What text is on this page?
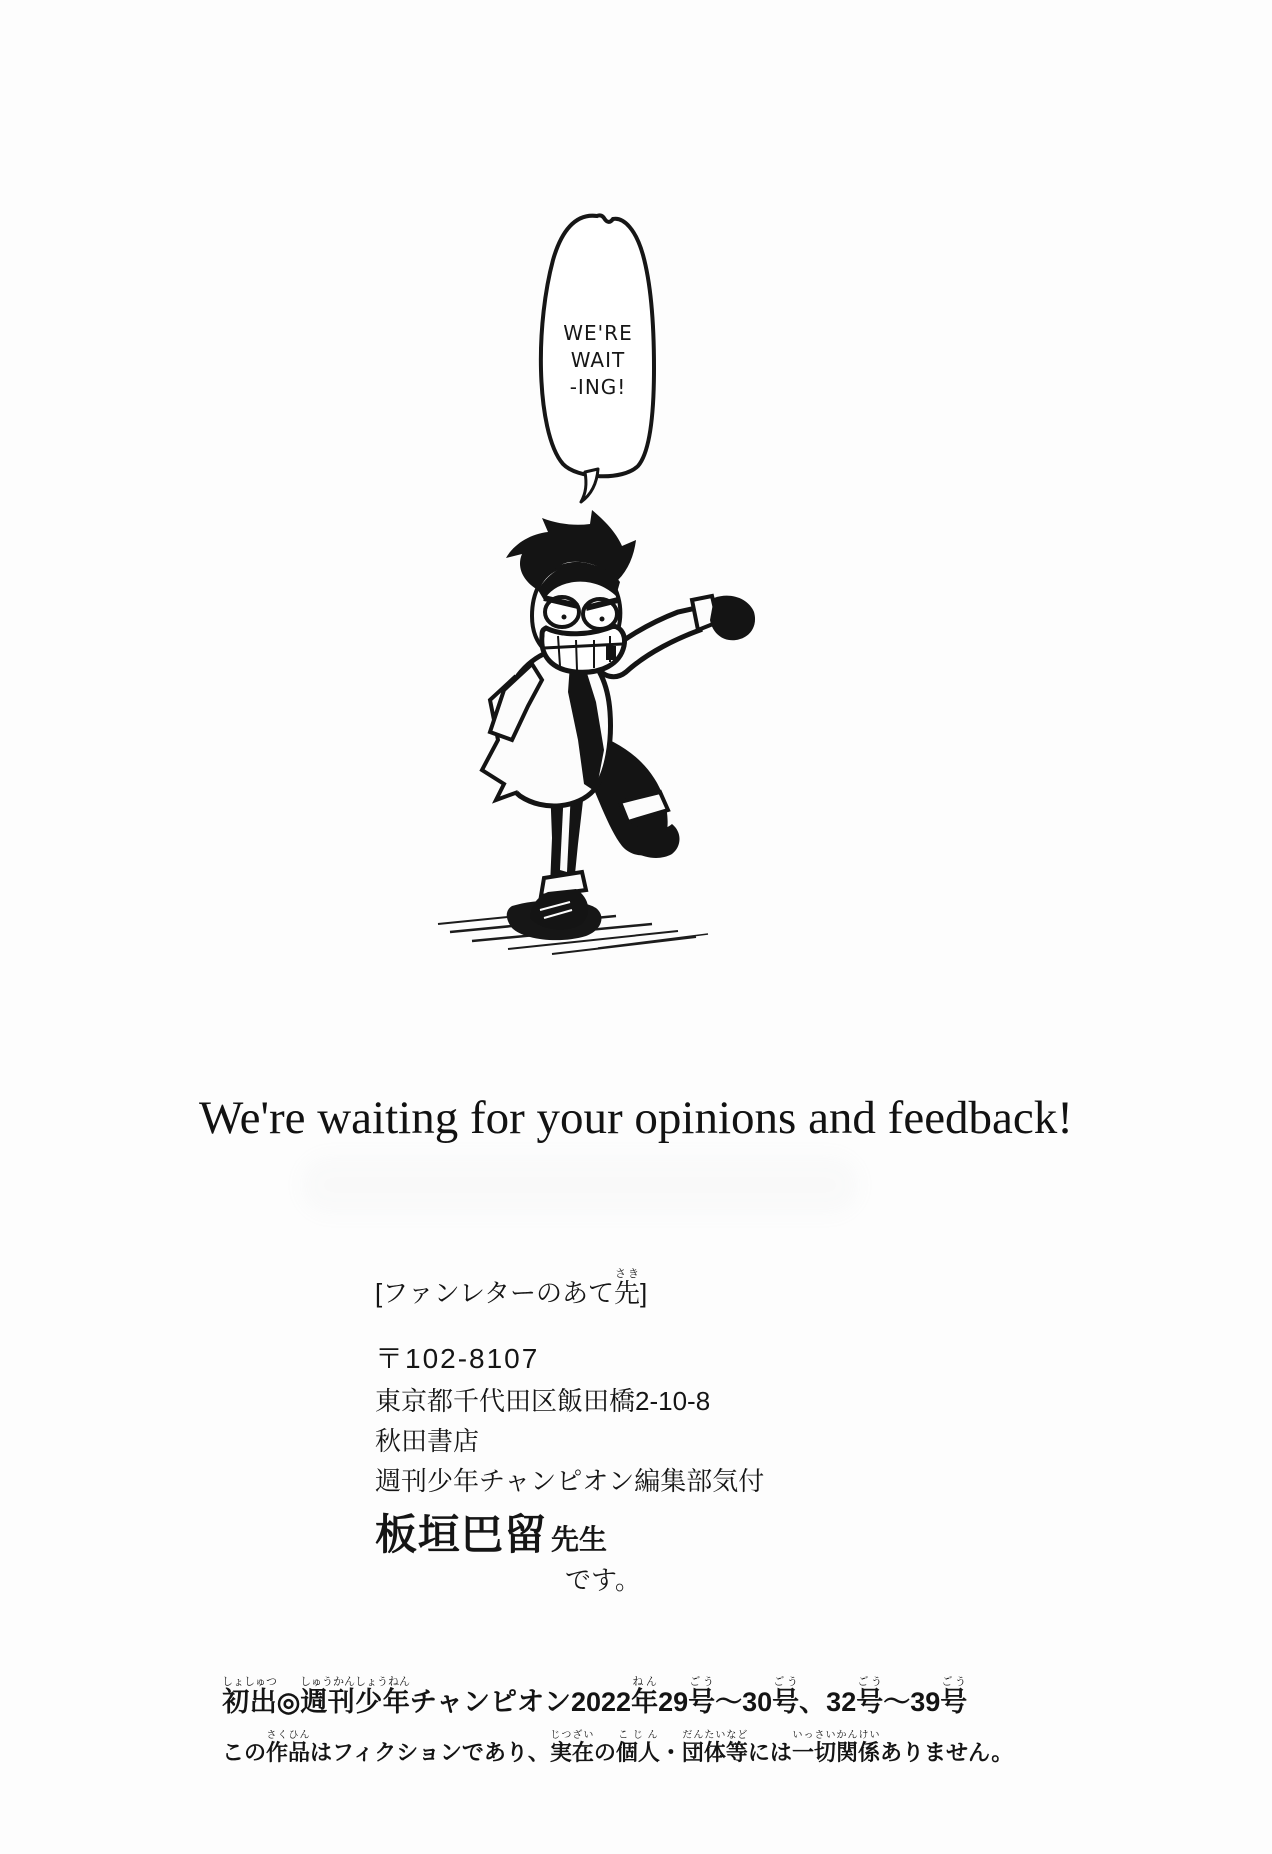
WE'RE
WAIT
-ING!
We're waiting for your opinions and feedback!
[ファンレターのあて先さき]
〒102-8107
東京都千代田区飯田橋2-10-8
秋田書店
週刊少年チャンピオン編集部気付
板垣巴留 先生
です。
初出しょしゅつ◎週刊少年しゅうかんしょうねんチャンピオン2022年ねん29号ごう〜30号ごう、32号ごう〜39号ごう
この作品さくひんはフィクションであり、実在じつざいの個人こじん・団体等だんたいなどには一切関係いっさいかんけいありません。
